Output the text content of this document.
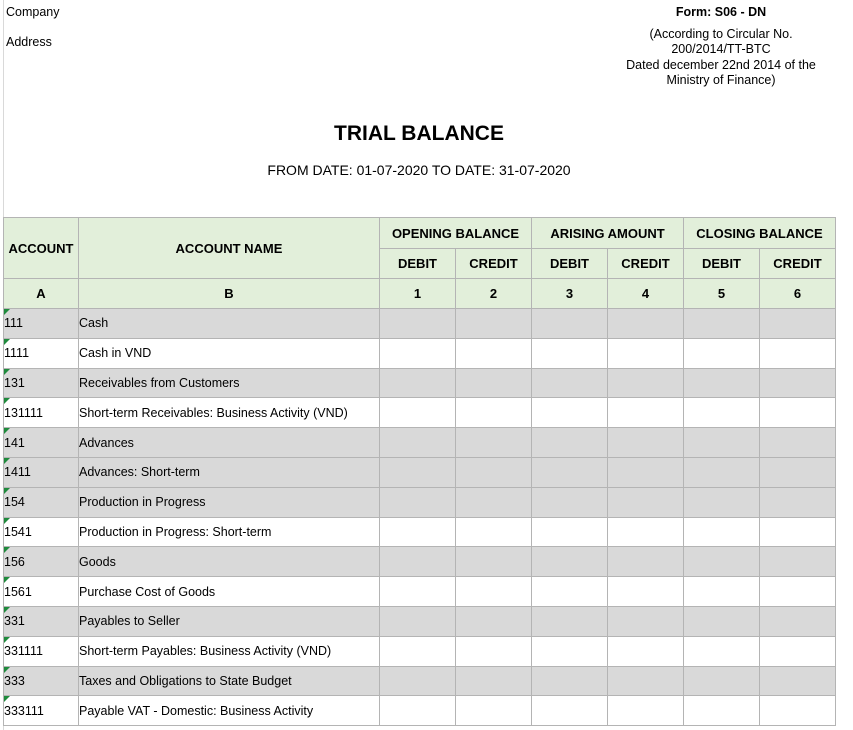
Company
Address
Form: S06 - DN
(According to Circular No.
200/2014/TT-BTC
Dated december 22nd 2014 of the
Ministry of Finance)
TRIAL BALANCE
FROM DATE: 01-07-2020 TO DATE: 31-07-2020
ACCOUNT	ACCOUNT NAME	OPENING BALANCE		ARISING AMOUNT		CLOSING BALANCE	
		DEBIT	CREDIT	DEBIT	CREDIT	DEBIT	CREDIT
A	B	1	2	3	4	5	6

111	Cash						

1111	Cash in VND						

131	Receivables from Customers						

131111	Short-term Receivables: Business Activity (VND)						

141	Advances						

1411	Advances: Short-term						

154	Production in Progress						

1541	Production in Progress: Short-term						

156	Goods						

1561	Purchase Cost of Goods						

331	Payables to Seller						

331111	Short-term Payables: Business Activity (VND)						

333	Taxes and Obligations to State Budget						

333111	Payable VAT - Domestic: Business Activity						
